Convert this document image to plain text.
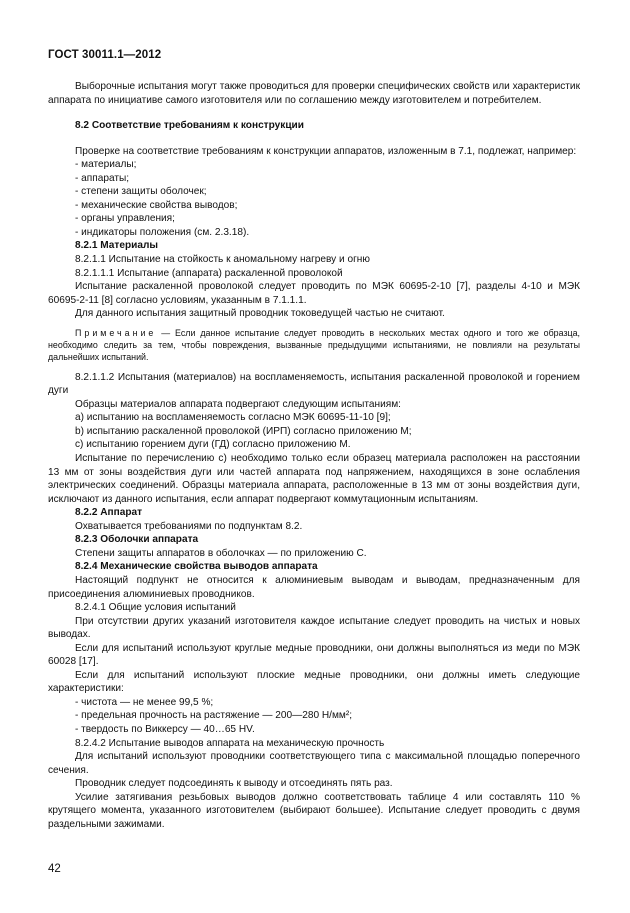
ГОСТ 30011.1—2012

Выборочные испытания могут также проводиться для проверки специфических свойств или характеристик аппарата по инициативе самого изготовителя или по соглашению между изготовителем и потребителем.

8.2 Соответствие требованиям к конструкции

Проверке на соответствие требованиям к конструкции аппаратов, изложенным в 7.1, подлежат, например:

- материалы;

- аппараты;

- степени защиты оболочек;

- механические свойства выводов;

- органы управления;

- индикаторы положения (см. 2.3.18).

8.2.1 Материалы

8.2.1.1 Испытание на стойкость к аномальному нагреву и огню

8.2.1.1.1 Испытание (аппарата) раскаленной проволокой

Испытание раскаленной проволокой следует проводить по МЭК 60695-2-10 [7], разделы 4-10 и МЭК 60695-2-11 [8] согласно условиям, указанным в 7.1.1.1.

Для данного испытания защитный проводник токоведущей частью не считают.

Примечание — Если данное испытание следует проводить в нескольких местах одного и того же образца, необходимо следить за тем, чтобы повреждения, вызванные предыдущими испытаниями, не повлияли на результаты дальнейших испытаний.

8.2.1.1.2 Испытания (материалов) на воспламеняемость, испытания раскаленной проволокой и горением дуги

Образцы материалов аппарата подвергают следующим испытаниям:

a) испытанию на воспламеняемость согласно МЭК 60695-11-10 [9];

b) испытанию раскаленной проволокой (ИРП) согласно приложению М;

c) испытанию горением дуги (ГД) согласно приложению М.

Испытание по перечислению с) необходимо только если образец материала расположен на расстоянии 13 мм от зоны воздействия дуги или частей аппарата под напряжением, находящихся в зоне ослабления электрических соединений. Образцы материала аппарата, расположенные в 13 мм от зоны воздействия дуги, исключают из данного испытания, если аппарат подвергают коммутационным испытаниям.

8.2.2 Аппарат

Охватывается требованиями по подпунктам 8.2.

8.2.3 Оболочки аппарата

Степени защиты аппаратов в оболочках — по приложению С.

8.2.4 Механические свойства выводов аппарата

Настоящий подпункт не относится к алюминиевым выводам и выводам, предназначенным для присоединения алюминиевых проводников.

8.2.4.1 Общие условия испытаний

При отсутствии других указаний изготовителя каждое испытание следует проводить на чистых и новых выводах.

Если для испытаний используют круглые медные проводники, они должны выполняться из меди по МЭК 60028 [17].

Если для испытаний используют плоские медные проводники, они должны иметь следующие характеристики:

- чистота — не менее 99,5 %;

- предельная прочность на растяжение — 200—280 Н/мм²;

- твердость по Виккерсу — 40…65 HV.

8.2.4.2 Испытание выводов аппарата на механическую прочность

Для испытаний используют проводники соответствующего типа с максимальной площадью поперечного сечения.

Проводник следует подсоединять к выводу и отсоединять пять раз.

Усилие затягивания резьбовых выводов должно соответствовать таблице 4 или составлять 110 % крутящего момента, указанного изготовителем (выбирают большее). Испытание следует проводить с двумя раздельными зажимами.

42
